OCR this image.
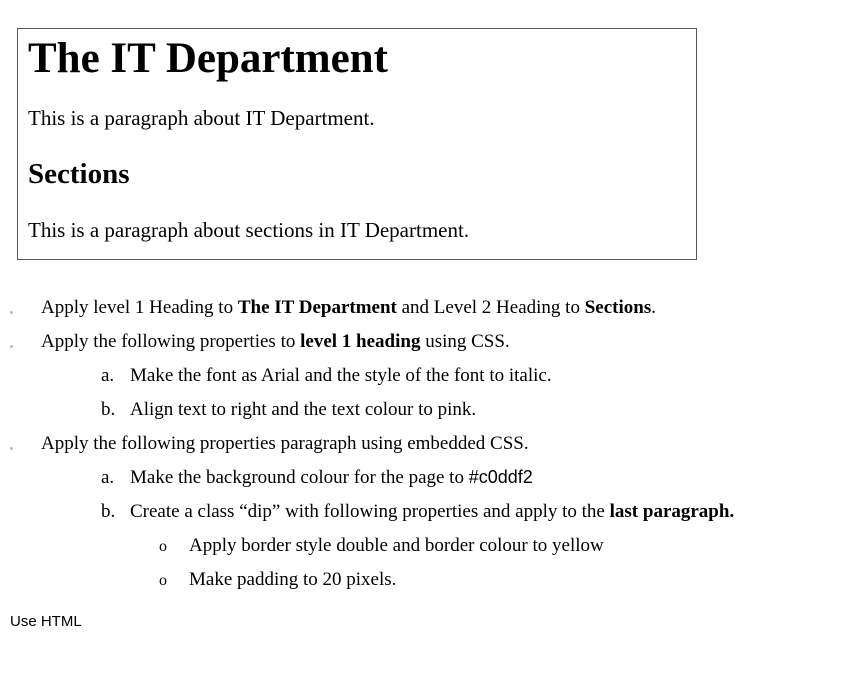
The IT Department

This is a paragraph about IT Department.

Sections

This is a paragraph about sections in IT Department.

Apply level 1 Heading to The IT Department and Level 2 Heading to Sections.

Apply the following properties to level 1 heading using CSS.

a. Make the font as Arial and the style of the font to italic.

b. Align text to right and the text colour to pink.

Apply the following properties paragraph using embedded CSS.

a. Make the background colour for the page to #c0ddf2

b. Create a class “dip” with following properties and apply to the last paragraph.

o Apply border style double and border colour to yellow

o Make padding to 20 pixels.

Use HTML
